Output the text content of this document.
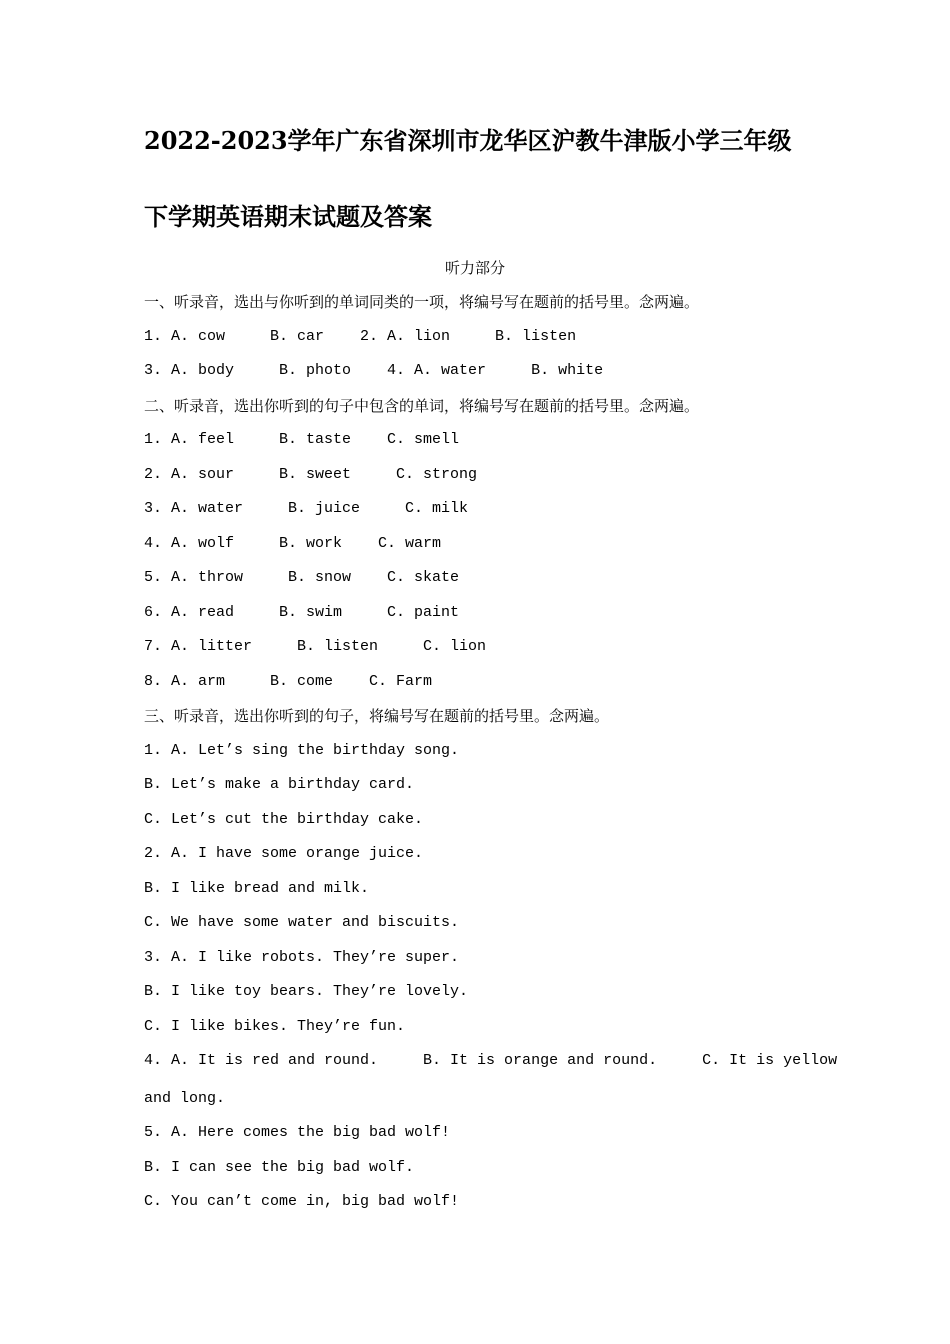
2022-2023学年广东省深圳市龙华区沪教牛津版小学三年级
下学期英语期末试题及答案
听力部分
一、听录音，选出与你听到的单词同类的一项，将编号写在题前的括号里。念两遍。
1. A. cow     B. car    2. A. lion     B. listen
3. A. body     B. photo    4. A. water     B. white
二、听录音，选出你听到的句子中包含的单词，将编号写在题前的括号里。念两遍。
1. A. feel     B. taste    C. smell
2. A. sour     B. sweet     C. strong
3. A. water     B. juice     C. milk
4. A. wolf     B. work    C. warm
5. A. throw     B. snow    C. skate
6. A. read     B. swim     C. paint
7. A. litter     B. listen     C. lion
8. A. arm     B. come    C. Farm
三、听录音，选出你听到的句子，将编号写在题前的括号里。念两遍。
1. A. Let’s sing the birthday song.
B. Let’s make a birthday card.
C. Let’s cut the birthday cake.
2. A. I have some orange juice.
B. I like bread and milk.
C. We have some water and biscuits.
3. A. I like robots. They’re super.
B. I like toy bears. They’re lovely.
C. I like bikes. They’re fun.
4. A. It is red and round.     B. It is orange and round.     C. It is yellow
and long.
5. A. Here comes the big bad wolf!
B. I can see the big bad wolf.
C. You can’t come in, big bad wolf!
